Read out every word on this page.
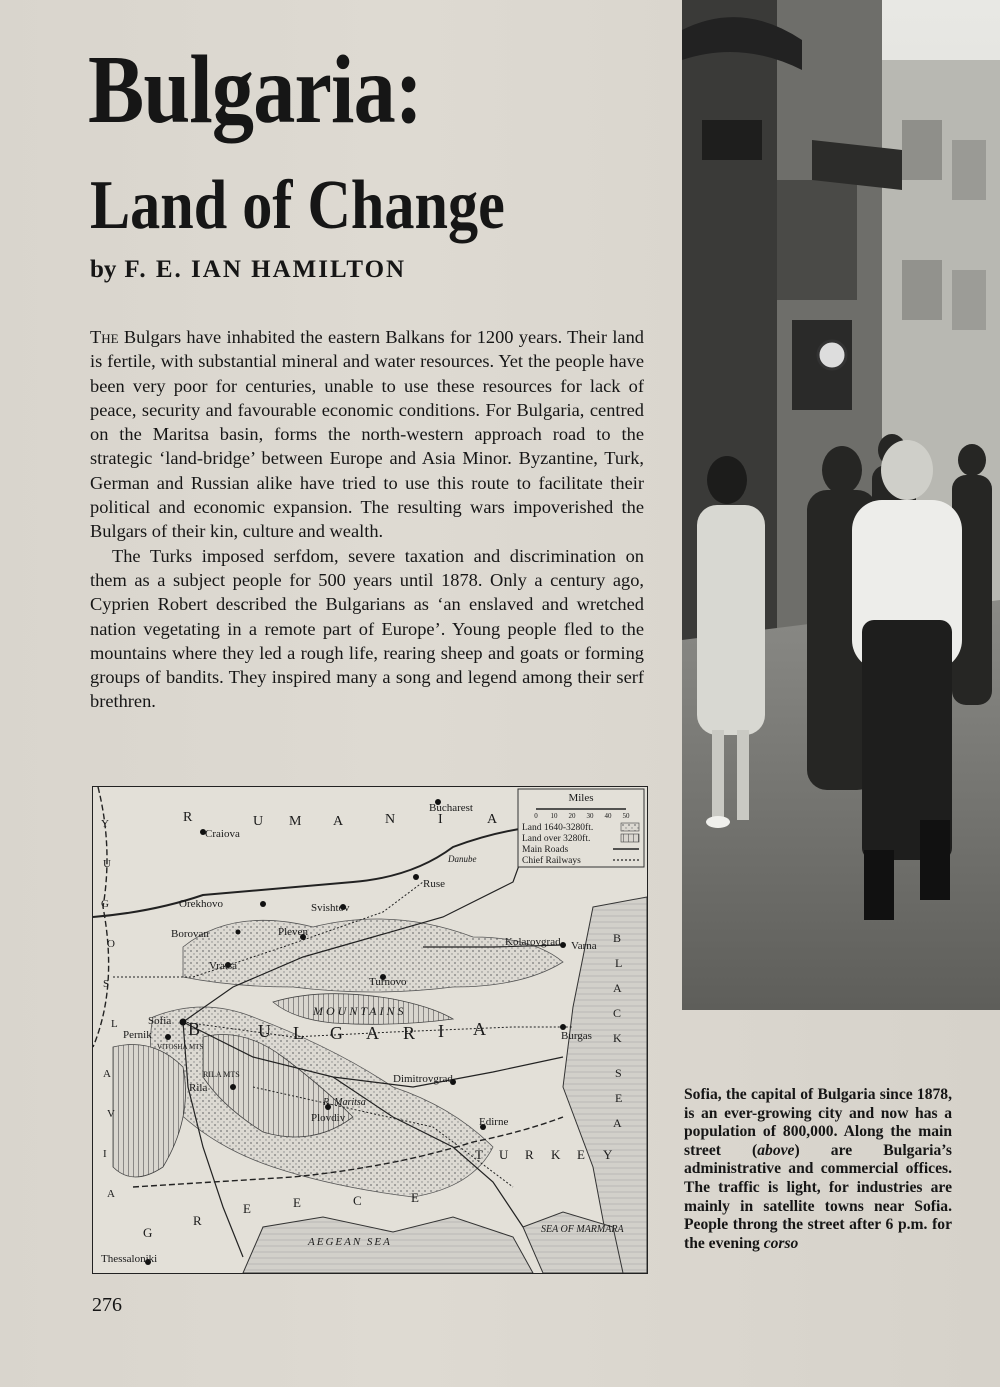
Bulgaria:
Land of Change
by F. E. IAN HAMILTON

The Bulgars have inhabited the eastern Balkans for 1200 years. Their land is fertile, with substantial mineral and water resources. Yet the people have been very poor for centuries, unable to use these resources for lack of peace, security and favourable economic conditions. For Bulgaria, centred on the Maritsa basin, forms the north-western approach road to the strategic ‘land-bridge’ between Europe and Asia Minor. Byzantine, Turk, German and Russian alike have tried to use this route to facilitate their political and economic expansion. The resulting wars impoverished the Bulgars of their kin, culture and wealth.

The Turks imposed serfdom, severe taxation and discrimination on them as a subject people for 500 years until 1878. Only a century ago, Cyprien Robert described the Bulgarians as ‘an enslaved and wretched nation vegetating in a remote part of Europe’. Young people fled to the mountains where they led a rough life, rearing sheep and goats or forming groups of bandits. They inspired many a song and legend among their serf brethren.

Miles
0 10 20 30 40 50
Land 1640-3280ft.
Land over 3280ft.
Main Roads
Chief Railways
Bucharest
Craiova
Ruse
Orekhovo	Svishtov
Borovan	Pleven
Kolarovgrad Varna
Vratsa
Turnovo
Sofia
Pernik	Burgas
Rila
Plovdiv
Dimitrovgrad
Edirne
Thessaloniki
R	U M A	N	I	A
B	U L G A R I A
T U R K E Y
G
R
E	E	C	E
Y
U
G
O
S
L
A
V
I
A
B
L
A
C
K
S
E
A
AEGEAN SEA
SEA OF MARMARA
MOUNTAINS
Danube
R. Maritsa
VITOSHA MTS
RILA MTS
Sofia, the capital of Bulgaria since 1878, is an ever-growing city and now has a population of 800,000. Along the main street (above) are Bulgaria’s administrative and commercial offices. The traffic is light, for industries are mainly in satellite towns near Sofia. People throng the street after 6 p.m. for the evening corso
276
